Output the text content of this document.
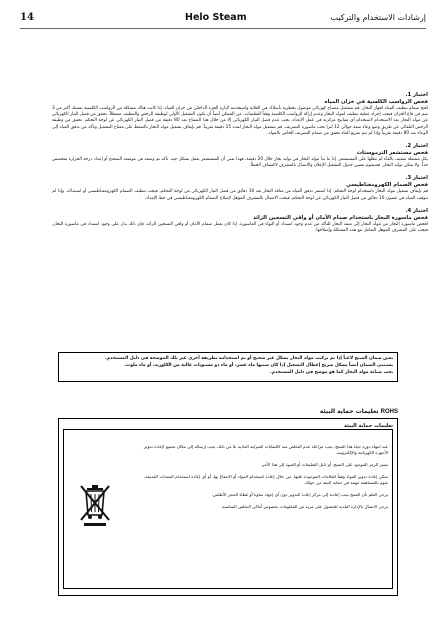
14	Helo Steam	إرشادات الاستخدام والتركيب
اختبار 1.
فحص الرواسب الكلسية في خزان المياه
افتح صمام تنظيف المياه لجهاز البخار. قم بتشغيل مصباح كهربائي موصول بخطرية بأسلاك في الغلاية واستخدمه لإنارة الجزء الداخلي من خزان المياه. إذا كانت هناك مشكلة من الرواسب الكلسية تمسك أكثر من 3 سم في قاع الخزان فيجب إجراء عملية تنظيف لمولد البخار وعدم إزالة الرواسب الكلسية وفقاً للتعليمات. من الممكن أيضاً أن يكون التشغيل الأولي لوظيفة الرحض والتنظيف منعطلاً. تحقق من فصل التيار الكهربائي عن مولد البخار بعد الاستخدام لاستخدام أي مفاتيح مركزية في عمل الإعداد، يجب عدم فصل التيار الكهربائي إلا من خلال هذا المفتاح بعد 80 دقيقة من فصل التيار الكهربائي عن لوحة التحكم. تحقق من وظيفة الرحض التلقائي عن طريق وضع وعاء سعة حوالي 12 لترا تحت ماسورة التصريف. قم بتشغيل مولد البخار لمدة 15 دقيقة تقريباً. قم بإيقاف تشغيل مولد البخار بالضغط على مفتاح التشغيل وتأكد من تدفق المياه إلى الوعاء بعد 80 دقيقة تقريباً وإذا لم يتم تفريغ الماء تحقق من صمام التصريف الخاص بالمولد.
اختبار 2.
فحص مستشعر الترموستات
بكل مشغلة ضعيف بالماء لم تطلها على المستشعر. إذا ما بدأ مولد البخار في توليد بخار خلال 20 دقيقة، فهذا يعني أن المستشعر يعمل بشكل جيد. تأكد تم وضعه في موضعه الصحيح أو إعداد درجة الحرارة متخصص جداً. ولا يمكن توليد البخار، فستقوم بتعيين جدول التشغيل الإعلان والاتصال بالمشرف لاكتشاف الخطأ.
اختبار 3.
فحص الصمام الكهرومغناطيسي
قم بإيقاف تشغيل مولد البخار باستخدام لوحة التحكم. إذا استمر تدفق المياه من منافذ البخار بعد 10 دقائق من فصل التيار الكهربائي من لوحة التحكم، فيجب تنظيف الصمام الكهرومغناطيسي أو استبداله. وإذا لم تتوقف المياه في غضون 10 دقائق من فصل التيار الكهربائي عن لوحة التحكم، فيجب الاتصال بالمشرف المؤهل لإصلاح الصمام الكهرومغناطيسي في خط الإمداد.
اختبار 4.
فحص ماسورة البخار باستخدام صمام الأمان أو واقي التسخين الزائد
افحص ماسورة البخار من مولد البخار إلى منفذ البخار للتأكد من عدم وجود انسداد أو التواء في الماسورة. إذا كان يعمل صمام الأمان أو واقي التسخين الزائد، فإن ذلك يدل على وجود انسداد في ماسورة البخار، فيجب على المشرف المؤهل التعامل مع هذه المشكلة وإصلاحها.
يعين ضمان المنتج لاغياً إذا تم تركيب مولد البخار بشكل غير صحيح أو تم استخدامه بطريقة أخرى غير تلك الموضحة في دليل المستخدم.
يستثنى الضمان أيضاً بشكل صريح إعطال التشغيل إذا كان سببها ماء عسر، أو ماء ذو مستويات عالية من الكلوريد، أو ماء ملوث.
يجب صيانة مولد البخار كما هو موضح في دليل المستخدم.
ROHS تعليمات حماية البيئة
تعليمات حماية البيئة
عند انتهاء دورة حياة هذا المنتج، يجب مراعاة عدم التخلص منه كالنفايات المنزلية العادية بلا من ذلك، يجب إرساله إلى مكان تجميع لإعادة تدوير الأجهزة الكهربائية والإلكترونية.
يشير الرمز الموجود على المنتج، أو دليل التعليمات أو العبوة إلى هذا الأمر.
يمكن إعادة تدوير المواد وفقاً للعلامات الموجودة عليها. من خلال إعادة استخدام المواد أو الانتفاع بها، أو أي إعادة استخدام المعدات القديمة، تقوم بالمساهمة مهمة في حماية البيئة من حولك.
يرجى العلم بأن المنتج يجب إعادته إلى مركز إعادة التدوير دون أي إجهاد ساونا أو غطاء الحجر الأطلس.
يرجى الاتصال بالإدارة البلدية للحصول على مزيد من المعلومات بخصوص أماكن التخلص المناسبة.
